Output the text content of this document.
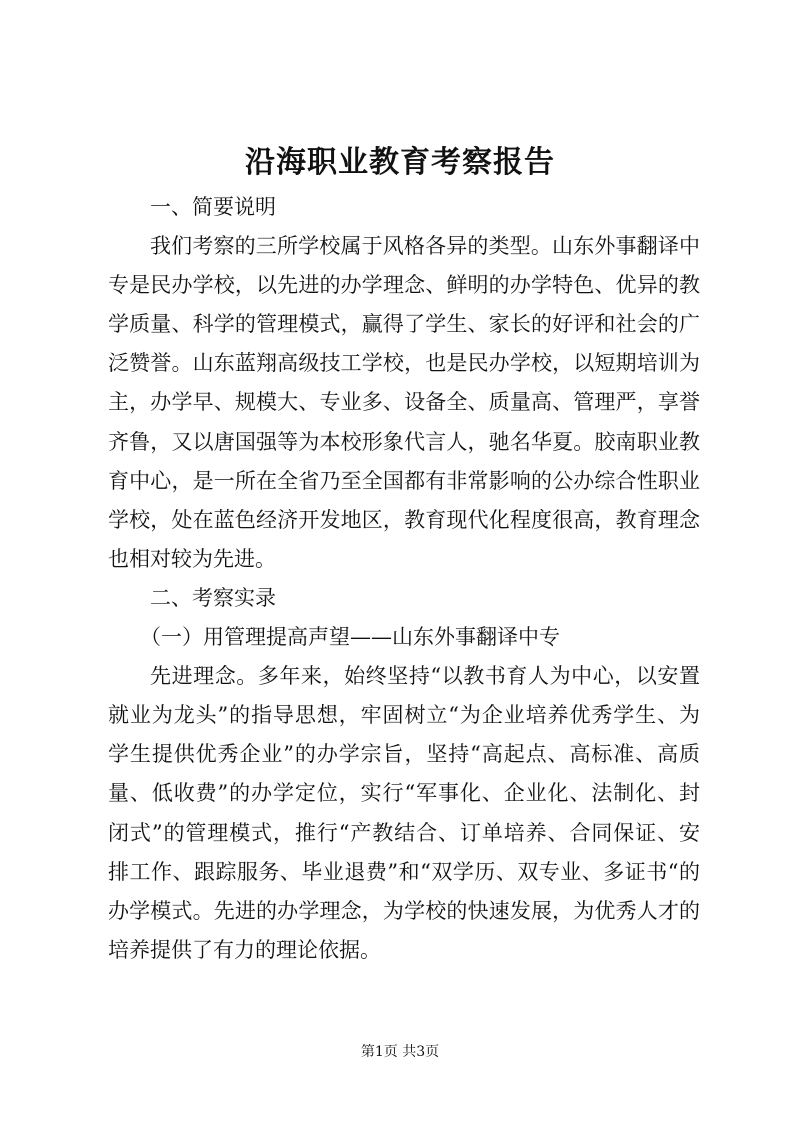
沿海职业教育考察报告
一、简要说明
我们考察的三所学校属于风格各异的类型。山东外事翻译中
专是民办学校，以先进的办学理念、鲜明的办学特色、优异的教
学质量、科学的管理模式，赢得了学生、家长的好评和社会的广
泛赞誉。山东蓝翔高级技工学校，也是民办学校，以短期培训为
主，办学早、规模大、专业多、设备全、质量高、管理严，享誉
齐鲁，又以唐国强等为本校形象代言人，驰名华夏。胶南职业教
育中心，是一所在全省乃至全国都有非常影响的公办综合性职业
学校，处在蓝色经济开发地区，教育现代化程度很高，教育理念
也相对较为先进。
二、考察实录
（一）用管理提高声望——山东外事翻译中专
先进理念。多年来，始终坚持“以教书育人为中心，以安置
就业为龙头”的指导思想，牢固树立“为企业培养优秀学生、为
学生提供优秀企业”的办学宗旨，坚持“高起点、高标准、高质
量、低收费”的办学定位，实行“军事化、企业化、法制化、封
闭式”的管理模式，推行“产教结合、订单培养、合同保证、安
排工作、跟踪服务、毕业退费”和“双学历、双专业、多证书“的
办学模式。先进的办学理念，为学校的快速发展，为优秀人才的
培养提供了有力的理论依据。
第1页 共3页
